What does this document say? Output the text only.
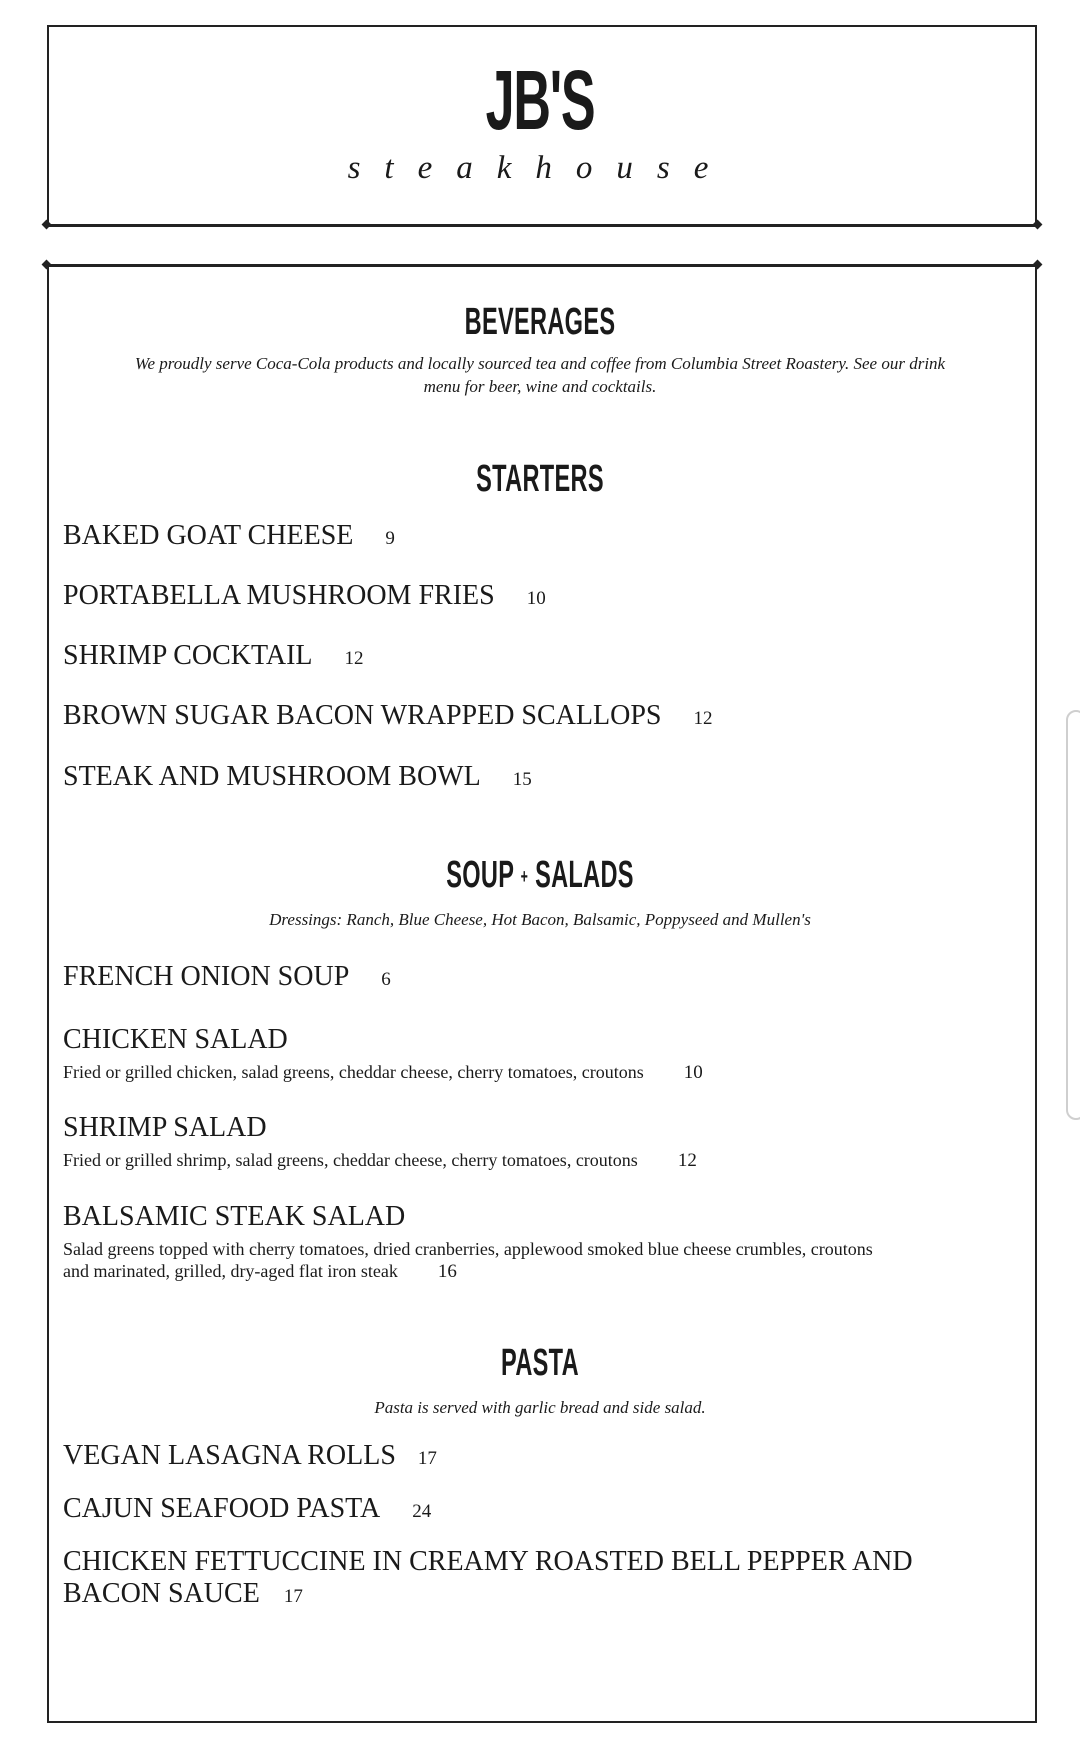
JB'S
steakhouse
BEVERAGES
We proudly serve Coca-Cola products and locally sourced tea and coffee from Columbia Street Roastery. See our drink
menu for beer, wine and cocktails.
STARTERS
BAKED GOAT CHEESE 9
PORTABELLA MUSHROOM FRIES 10
SHRIMP COCKTAIL 12
BROWN SUGAR BACON WRAPPED SCALLOPS 12
STEAK AND MUSHROOM BOWL 15
SOUP + SALADS
Dressings: Ranch, Blue Cheese, Hot Bacon, Balsamic, Poppyseed and Mullen's
FRENCH ONION SOUP 6
CHICKEN SALAD
Fried or grilled chicken, salad greens, cheddar cheese, cherry tomatoes, croutons 10
SHRIMP SALAD
Fried or grilled shrimp, salad greens, cheddar cheese, cherry tomatoes, croutons 12
BALSAMIC STEAK SALAD
Salad greens topped with cherry tomatoes, dried cranberries, applewood smoked blue cheese crumbles, croutons
and marinated, grilled, dry-aged flat iron steak 16
PASTA
Pasta is served with garlic bread and side salad.
VEGAN LASAGNA ROLLS 17
CAJUN SEAFOOD PASTA 24
CHICKEN FETTUCCINE IN CREAMY ROASTED BELL PEPPER AND
BACON SAUCE 17
